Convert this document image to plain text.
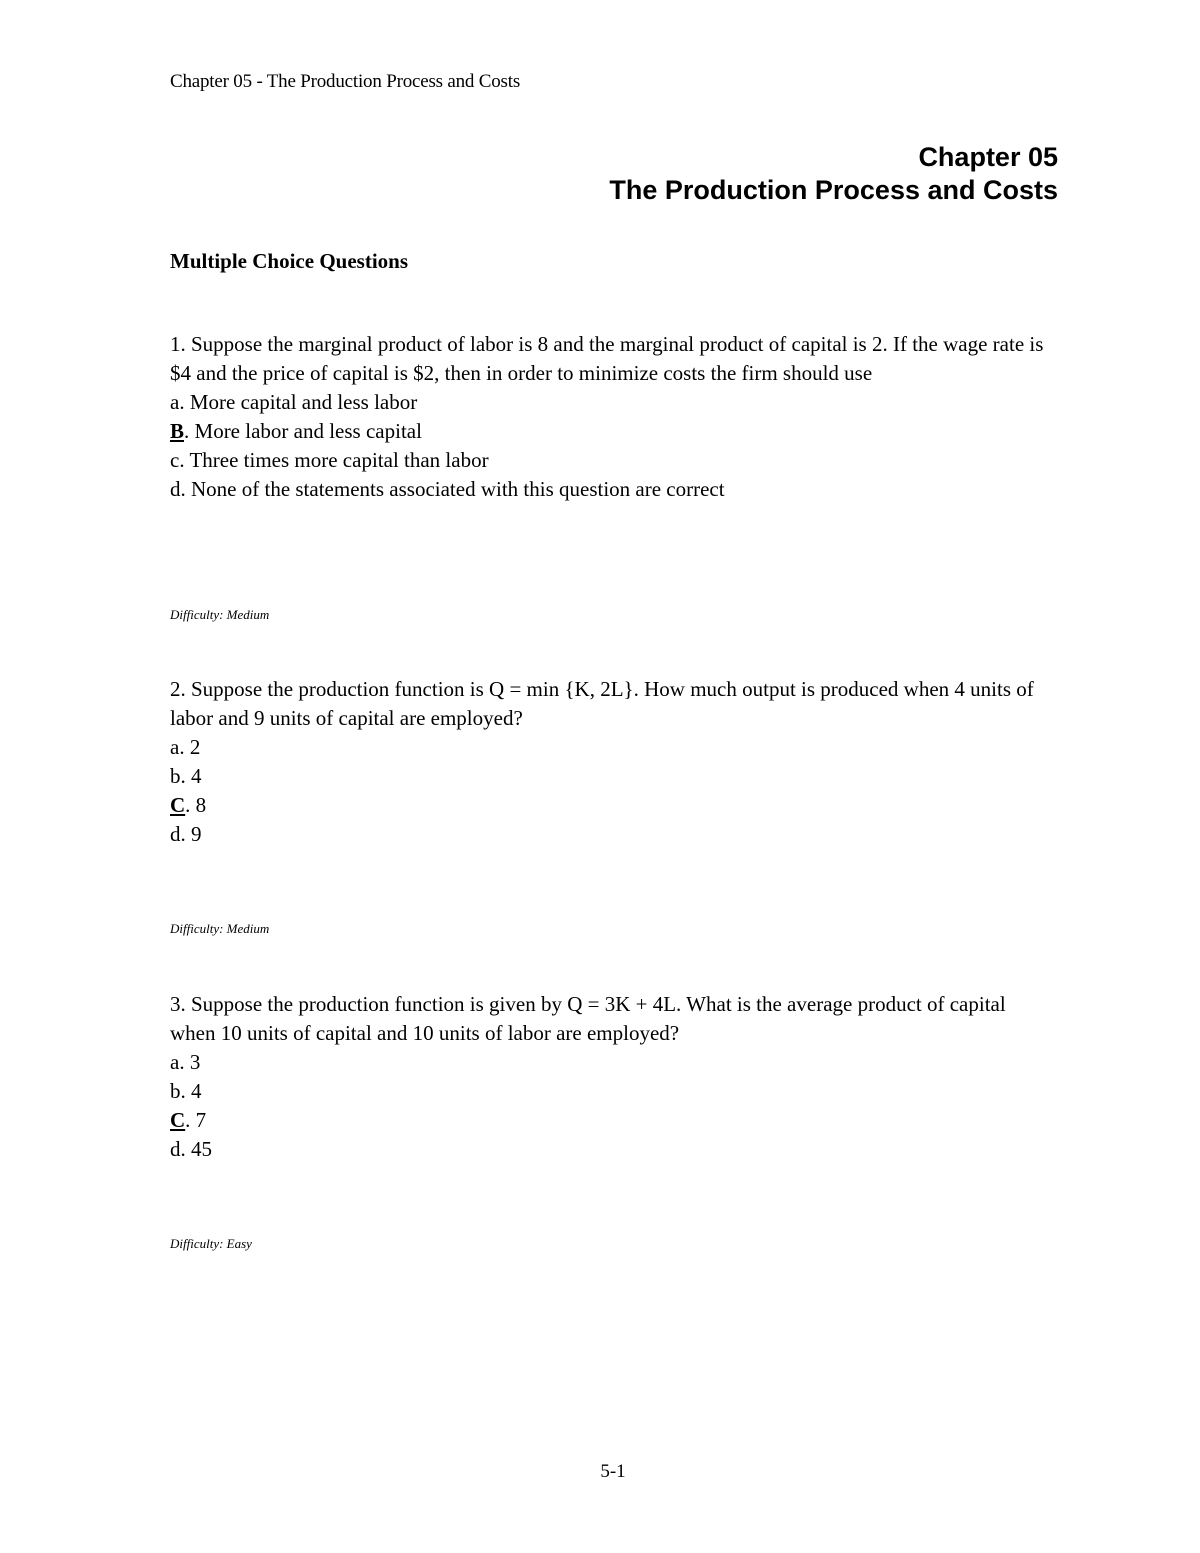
Chapter 05 - The Production Process and Costs
Chapter 05
The Production Process and Costs
Multiple Choice Questions

1. Suppose the marginal product of labor is 8 and the marginal product of capital is 2. If the wage rate is $4 and the price of capital is $2, then in order to minimize costs the firm should use

a. More capital and less labor

B. More labor and less capital

c. Three times more capital than labor

d. None of the statements associated with this question are correct

Difficulty: Medium

2. Suppose the production function is Q = min {K, 2L}. How much output is produced when 4 units of labor and 9 units of capital are employed?

a. 2

b. 4

C. 8

d. 9

Difficulty: Medium

3. Suppose the production function is given by Q = 3K + 4L. What is the average product of capital when 10 units of capital and 10 units of labor are employed?

a. 3

b. 4

C. 7

d. 45

Difficulty: Easy
5-1
